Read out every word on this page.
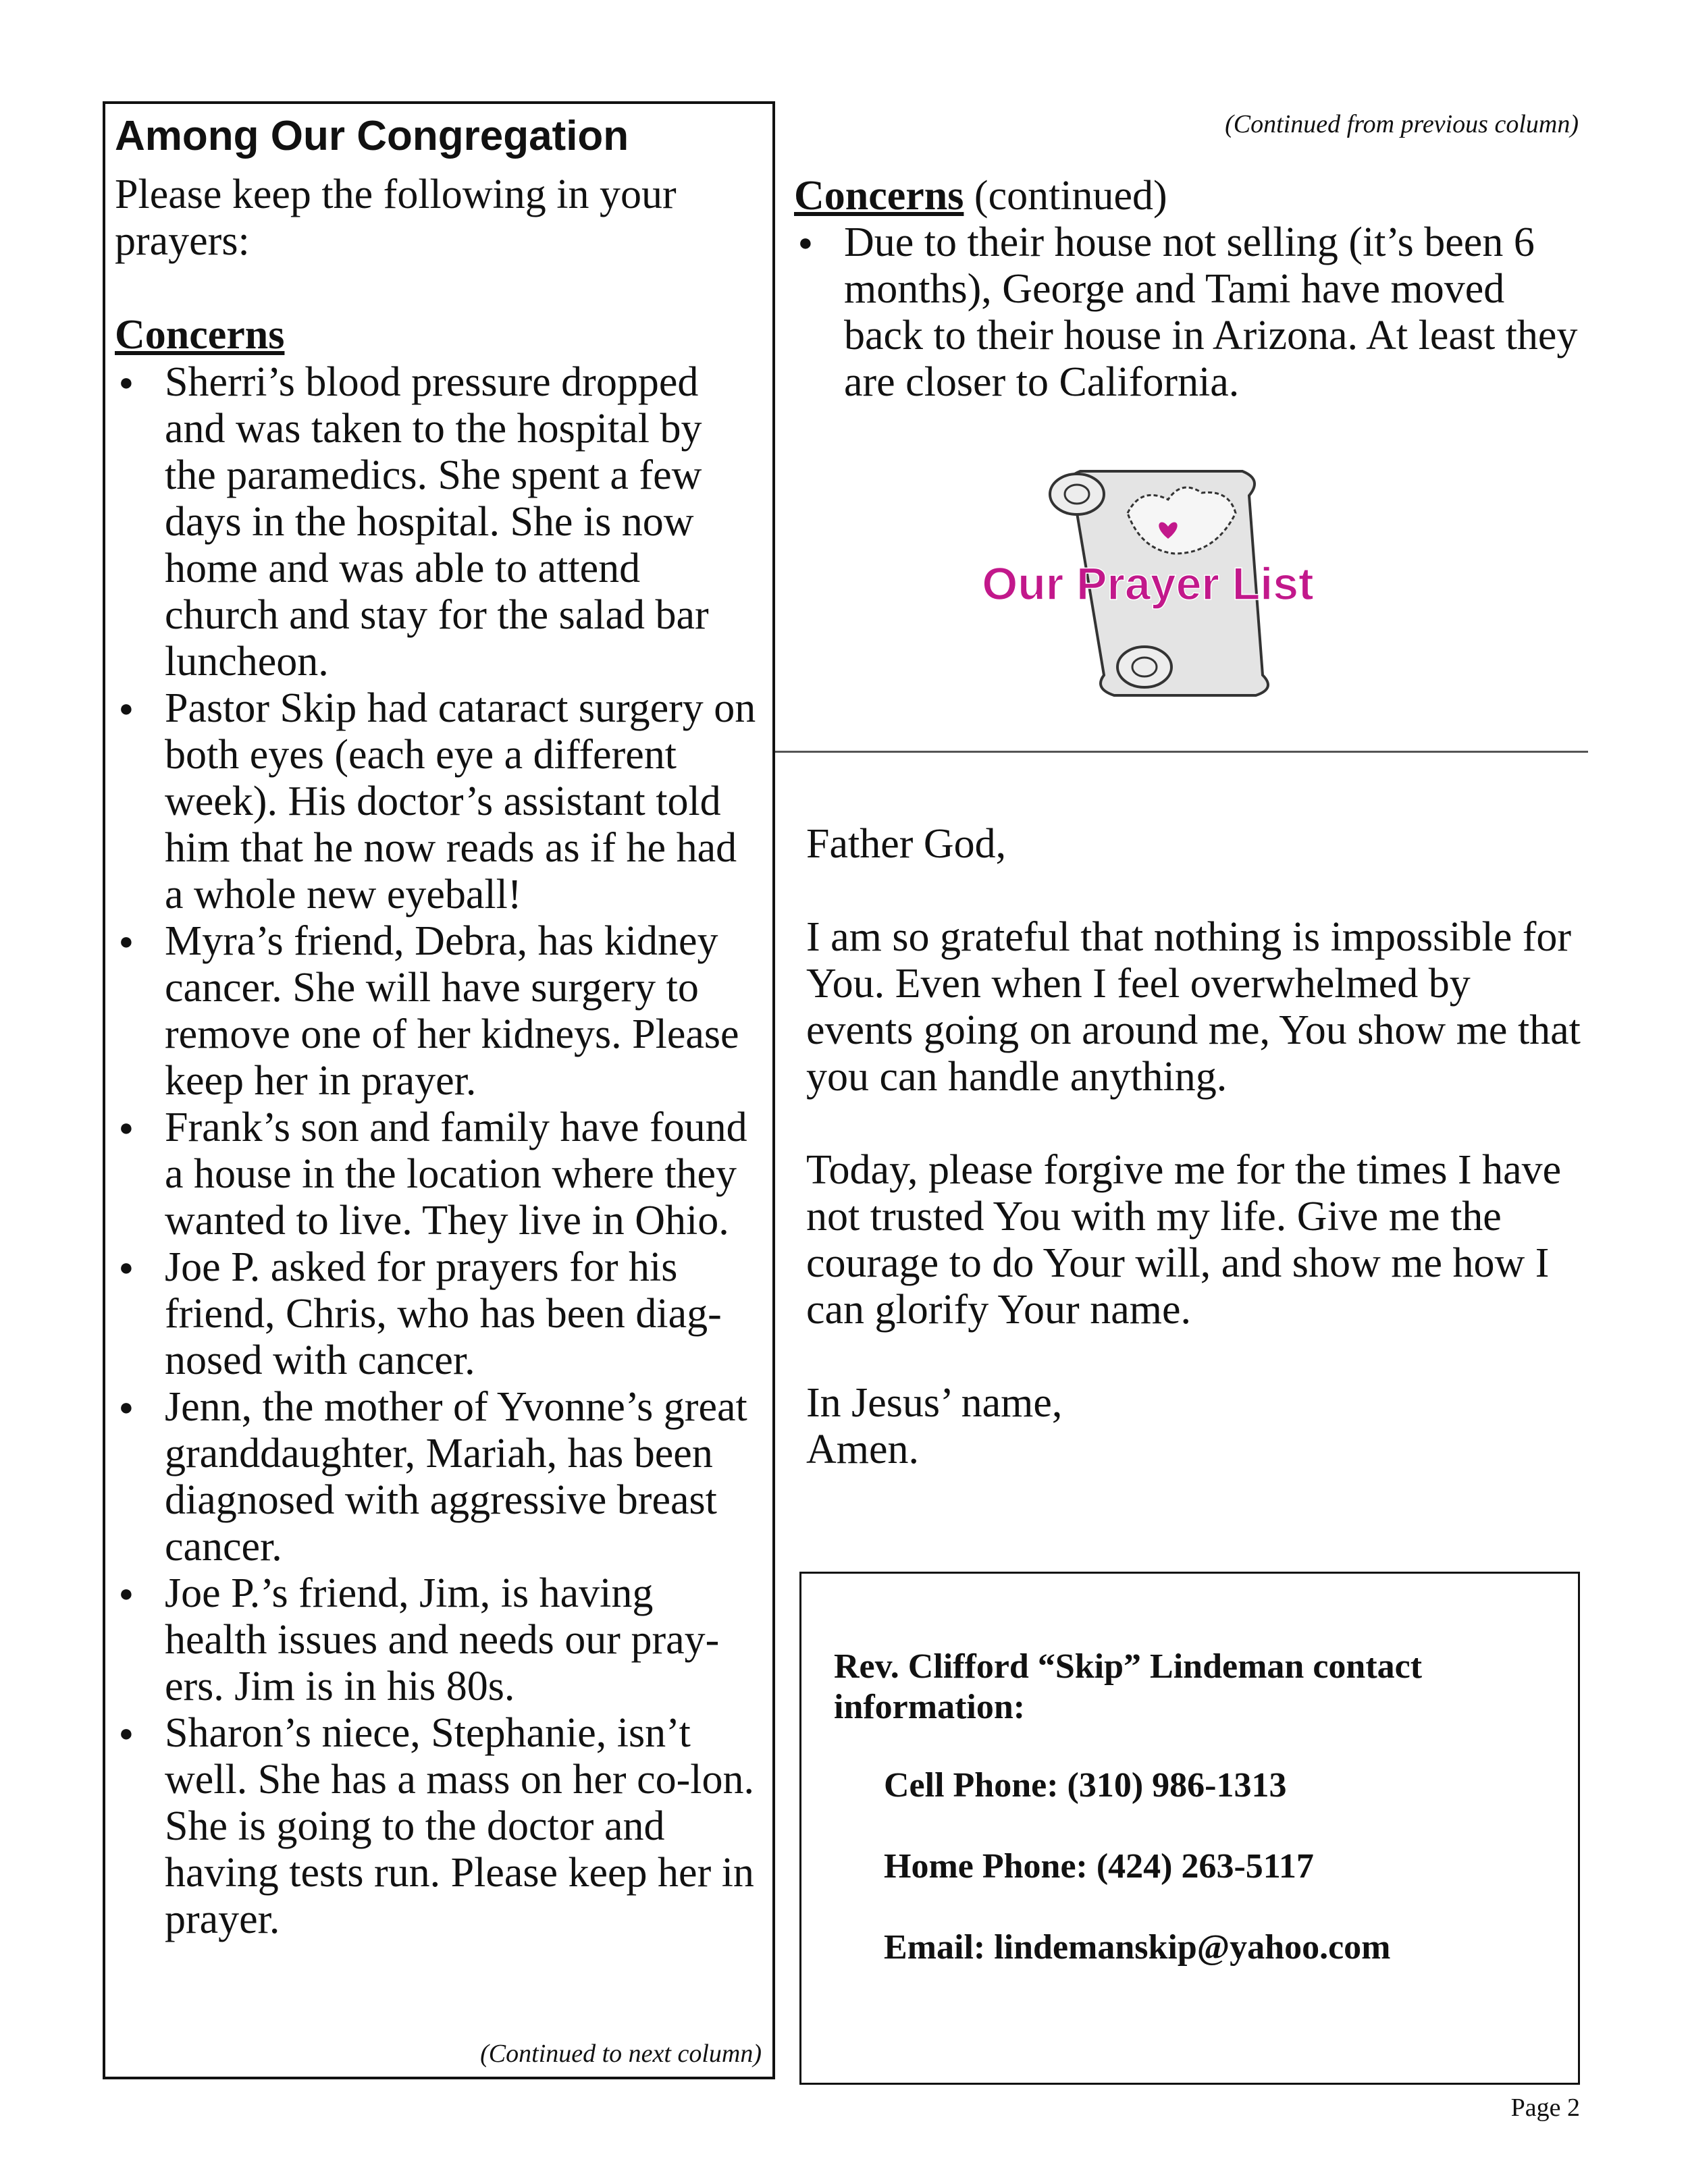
Among Our Congregation

Please keep the following in your prayers:

Concerns

● Sherri’s blood pressure dropped and was taken to the hospital by the paramedics. She spent a few days in the hospital. She is now home and was able to attend church and stay for the salad bar luncheon.
● Pastor Skip had cataract surgery on both eyes (each eye a different week). His doctor’s assistant told him that he now reads as if he had a whole new eyeball!
● Myra’s friend, Debra, has kidney cancer. She will have surgery to remove one of her kidneys. Please keep her in prayer.
● Frank’s son and family have found a house in the location where they wanted to live. They live in Ohio.
● Joe P. asked for prayers for his friend, Chris, who has been diag-nosed with cancer.
● Jenn, the mother of Yvonne’s great granddaughter, Mariah, has been diagnosed with aggressive breast cancer.
● Joe P.’s friend, Jim, is having health issues and needs our pray-ers. Jim is in his 80s.
● Sharon’s niece, Stephanie, isn’t well. She has a mass on her co-lon. She is going to the doctor and having tests run. Please keep her in prayer.

(Continued to next column)

(Continued from previous column)

Concerns (continued)

● Due to their house not selling (it’s been 6 months), George and Tami have moved back to their house in Arizona. At least they are closer to California.
Our Prayer List

Father God,

I am so grateful that nothing is impossible for You. Even when I feel overwhelmed by events going on around me, You show me that you can handle anything.

Today, please forgive me for the times I have not trusted You with my life. Give me the courage to do Your will, and show me how I can glorify Your name.

In Jesus’ name,

Amen.

Rev. Clifford “Skip” Lindeman contact information:

Cell Phone: (310) 986-1313

Home Phone: (424) 263-5117

Email: lindemanskip@yahoo.com

Page 2
